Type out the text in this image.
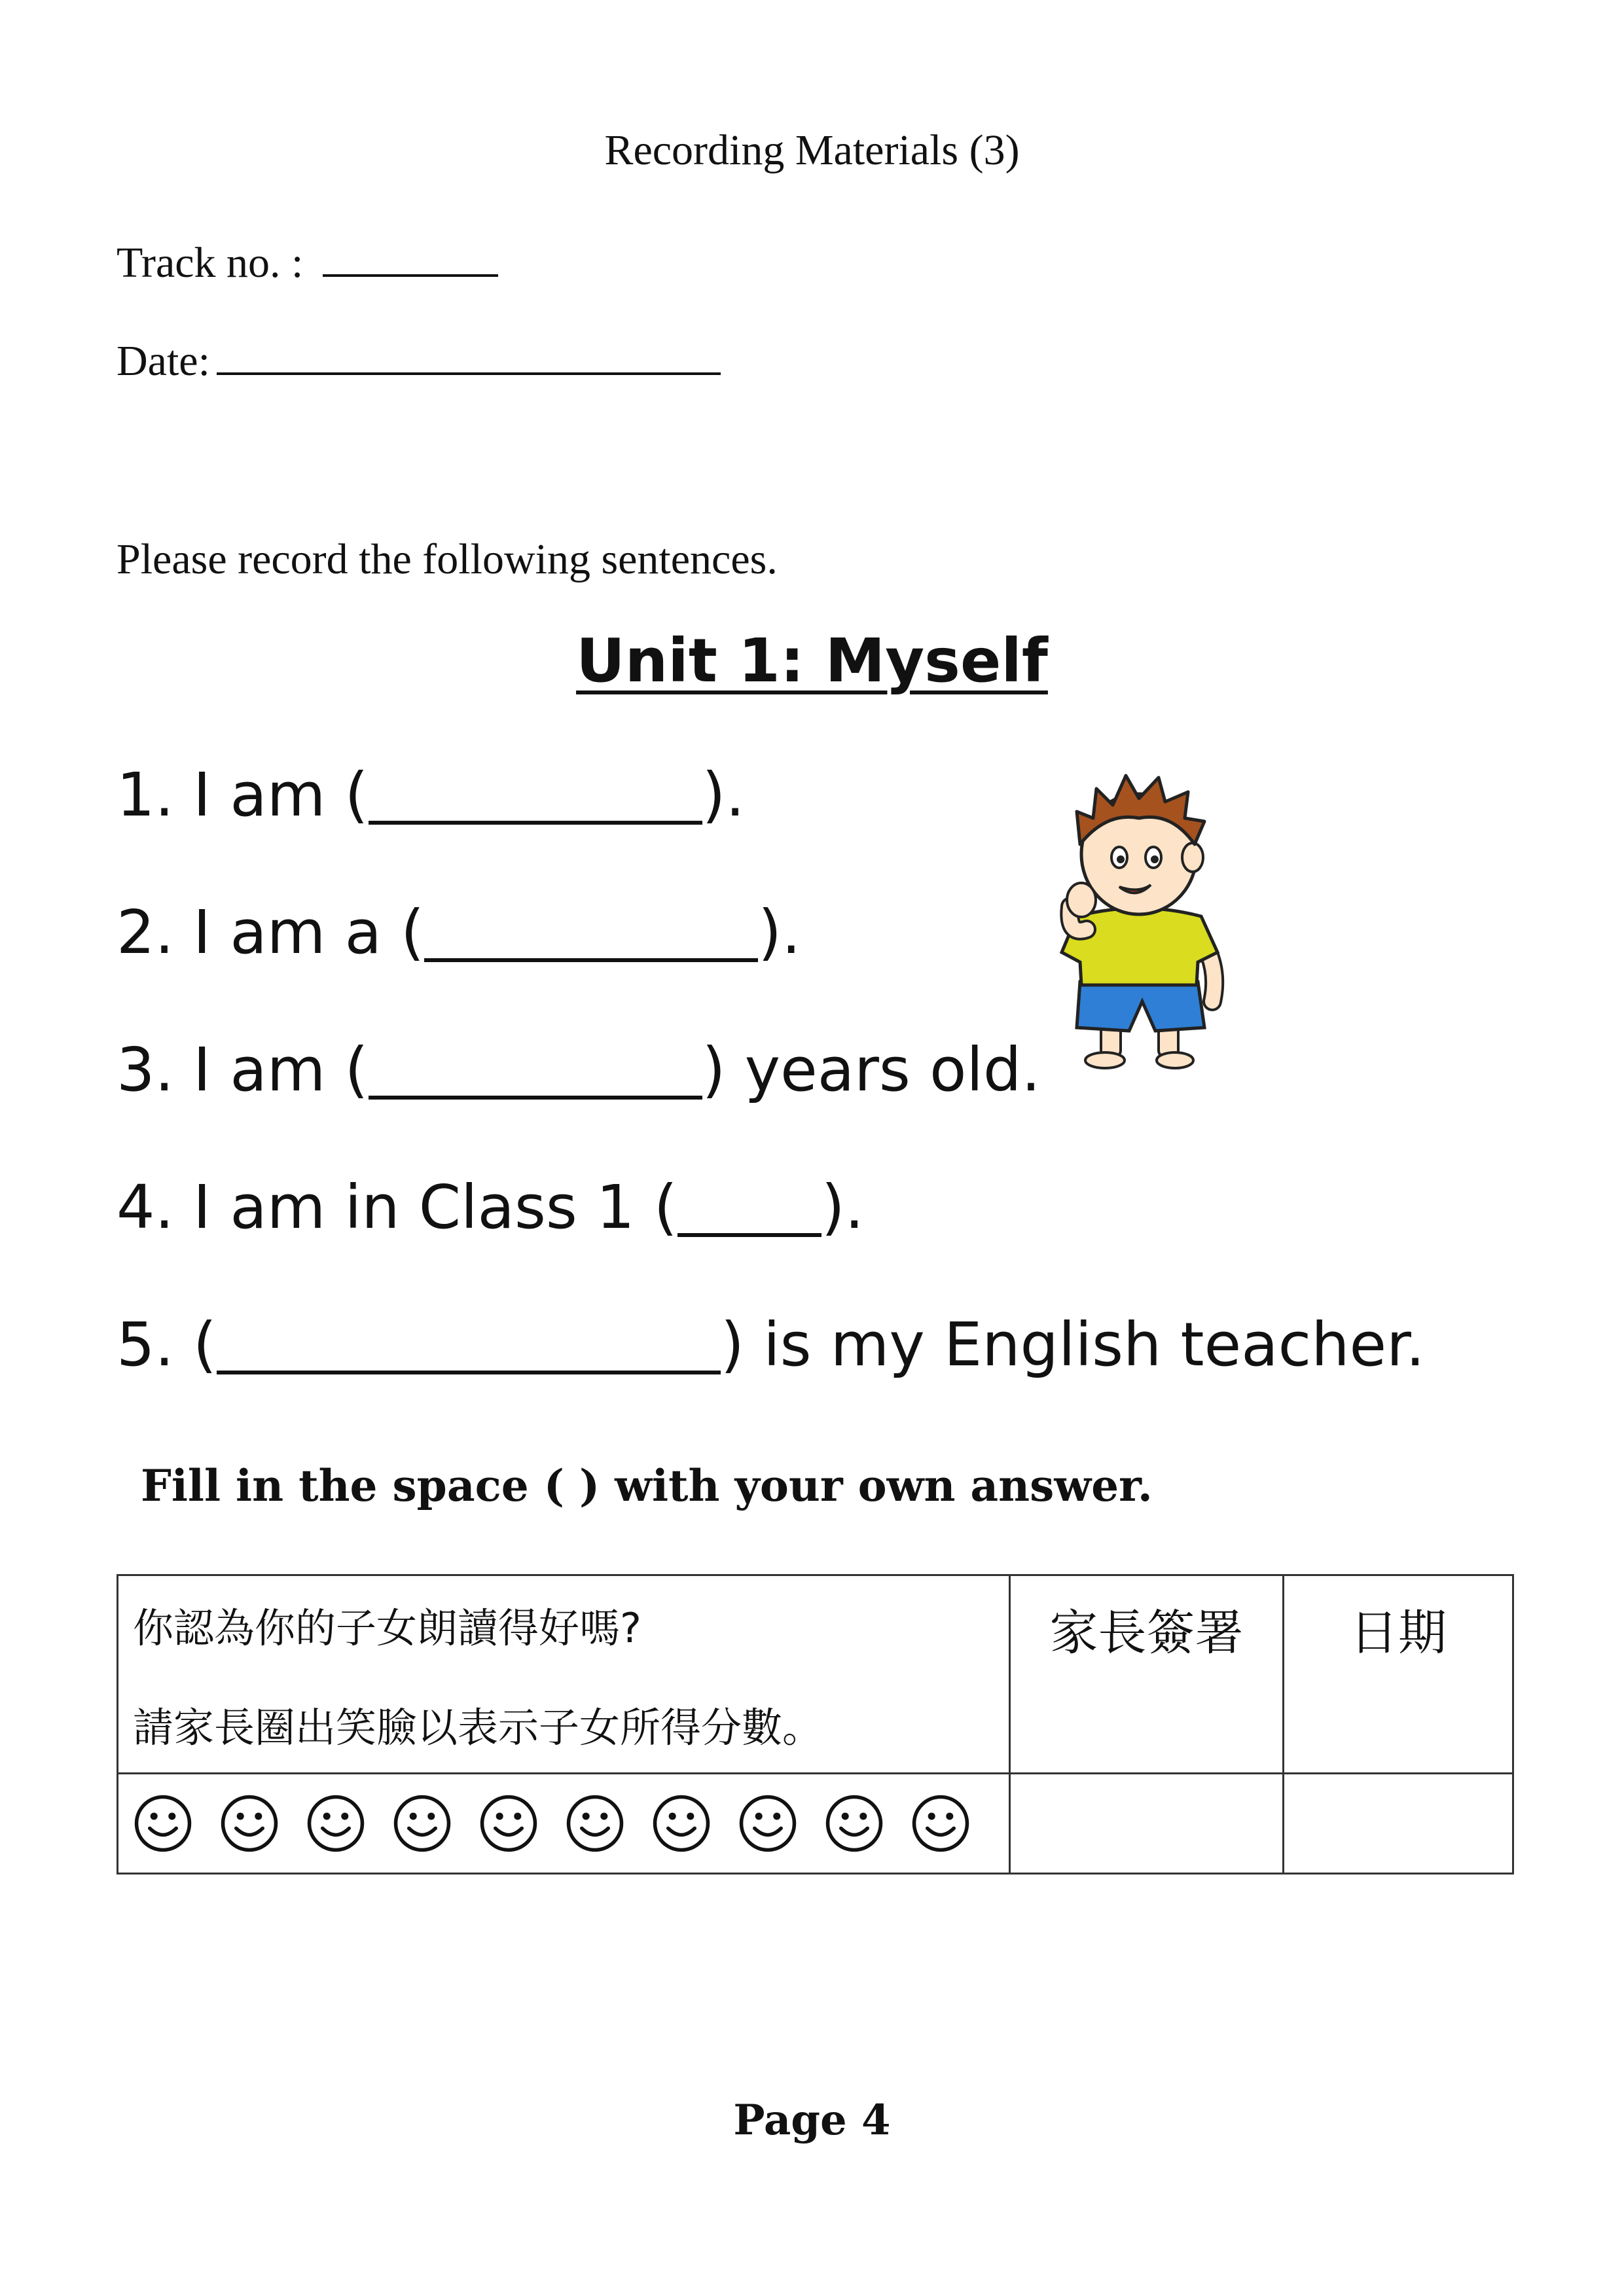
Recording Materials (3)
Track no. :
Date:
Please record the following sentences.
Unit 1: Myself
1. I am (	).
2. I am a (	).
3. I am (	) years old.
4. I am in Class 1 ( ).
5. (	) is my English teacher.
Fill in the space ( ) with your own answer.
你認為你的子女朗讀得好嗎?
請家長圈出笑臉以表示子女所得分數。	家長簽署	日期

Page 4
